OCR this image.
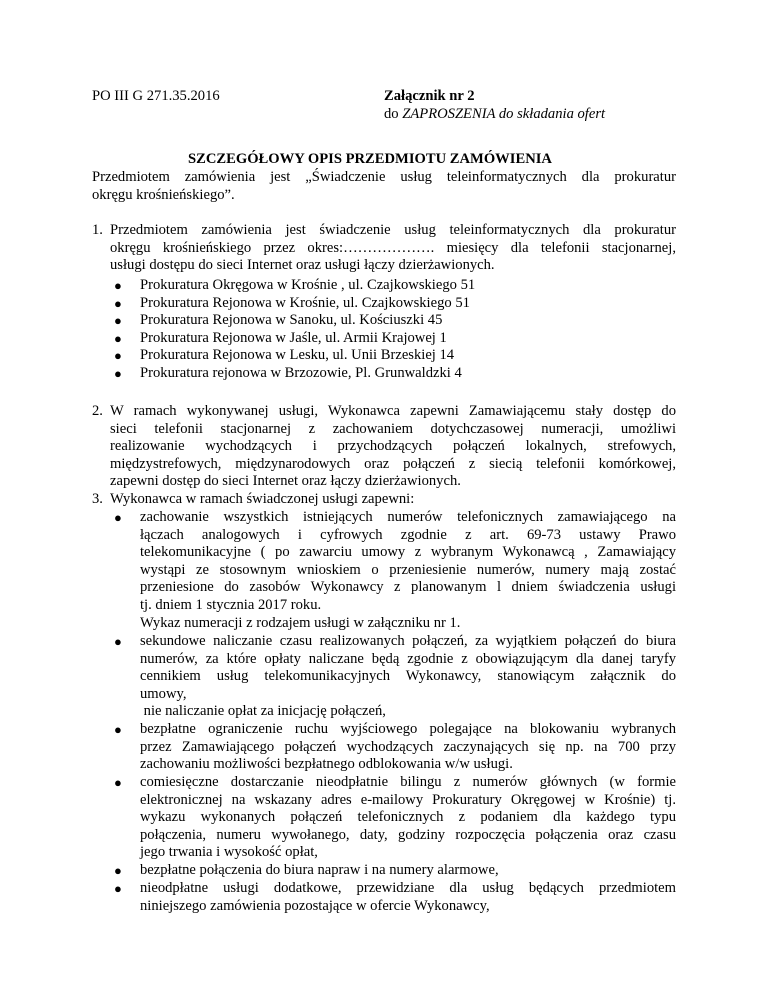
PO III G 271.35.2016	Załącznik nr 2
do ZAPROSZENIA do składania ofert
SZCZEGÓŁOWY OPIS PRZEDMIOTU ZAMÓWIENIA
Przedmiotem zamówienia jest „Świadczenie usług teleinformatycznych dla prokuratur
okręgu krośnieńskiego”.
1. Przedmiotem zamówienia jest świadczenie usług teleinformatycznych dla prokuratur
okręgu krośnieńskiego przez okres:………………. miesięcy dla telefonii stacjonarnej,
usługi dostępu do sieci Internet oraz usługi łączy dzierżawionych.
● Prokuratura Okręgowa w Krośnie , ul. Czajkowskiego 51
● Prokuratura Rejonowa w Krośnie, ul. Czajkowskiego 51
● Prokuratura Rejonowa w Sanoku, ul. Kościuszki 45
● Prokuratura Rejonowa w Jaśle, ul. Armii Krajowej 1
● Prokuratura Rejonowa w Lesku, ul. Unii Brzeskiej 14
● Prokuratura rejonowa w Brzozowie, Pl. Grunwaldzki 4
2. W ramach wykonywanej usługi, Wykonawca zapewni Zamawiającemu stały dostęp do
sieci telefonii stacjonarnej z zachowaniem dotychczasowej numeracji, umożliwi
realizowanie wychodzących i przychodzących połączeń lokalnych, strefowych,
międzystrefowych, międzynarodowych oraz połączeń z siecią telefonii komórkowej,
zapewni dostęp do sieci Internet oraz łączy dzierżawionych.
3. Wykonawca w ramach świadczonej usługi zapewni:
● zachowanie wszystkich istniejących numerów telefonicznych zamawiającego na
łączach analogowych i cyfrowych zgodnie z art. 69-73 ustawy Prawo
telekomunikacyjne ( po zawarciu umowy z wybranym Wykonawcą , Zamawiający
wystąpi ze stosownym wnioskiem o przeniesienie numerów, numery mają zostać
przeniesione do zasobów Wykonawcy z planowanym l dniem świadczenia usługi
tj. dniem 1 stycznia 2017 roku.
Wykaz numeracji z rodzajem usługi w załączniku nr 1.
● sekundowe naliczanie czasu realizowanych połączeń, za wyjątkiem połączeń do biura
numerów, za które opłaty naliczane będą zgodnie z obowiązującym dla danej taryfy
cennikiem usług telekomunikacyjnych Wykonawcy, stanowiącym załącznik do
umowy,
nie naliczanie opłat za inicjację połączeń,
● bezpłatne ograniczenie ruchu wyjściowego polegające na blokowaniu wybranych
przez Zamawiającego połączeń wychodzących zaczynających się np. na 700 przy
zachowaniu możliwości bezpłatnego odblokowania w/w usługi.
● comiesięczne dostarczanie nieodpłatnie bilingu z numerów głównych (w formie
elektronicznej na wskazany adres e-mailowy Prokuratury Okręgowej w Krośnie) tj.
wykazu wykonanych połączeń telefonicznych z podaniem dla każdego typu
połączenia, numeru wywołanego, daty, godziny rozpoczęcia połączenia oraz czasu
jego trwania i wysokość opłat,
● bezpłatne połączenia do biura napraw i na numery alarmowe,
● nieodpłatne usługi dodatkowe, przewidziane dla usług będących przedmiotem
niniejszego zamówienia pozostające w ofercie Wykonawcy,
